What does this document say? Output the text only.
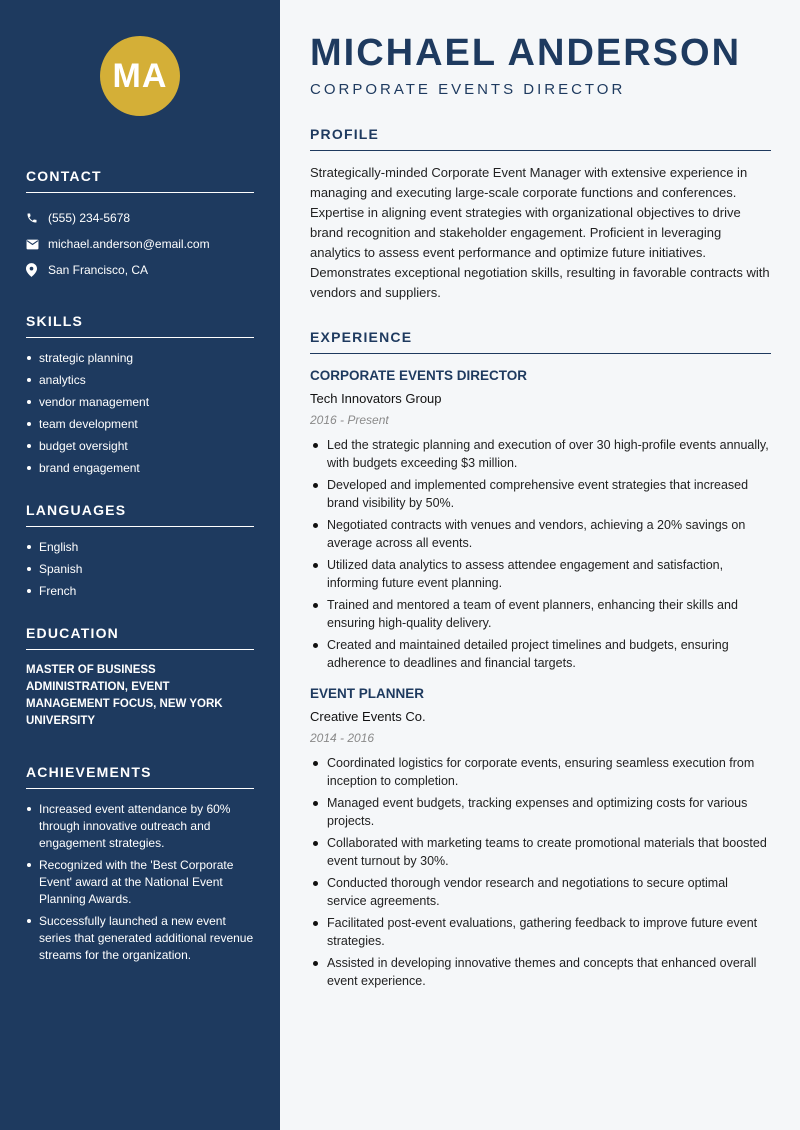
MA
CONTACT
(555) 234-5678
michael.anderson@email.com
San Francisco, CA
SKILLS
strategic planning
analytics
vendor management
team development
budget oversight
brand engagement
LANGUAGES
English
Spanish
French
EDUCATION

MASTER OF BUSINESS ADMINISTRATION, EVENT MANAGEMENT FOCUS, NEW YORK UNIVERSITY

ACHIEVEMENTS
Increased event attendance by 60% through innovative outreach and engagement strategies.
Recognized with the 'Best Corporate Event' award at the National Event Planning Awards.
Successfully launched a new event series that generated additional revenue streams for the organization.
MICHAEL ANDERSON
CORPORATE EVENTS DIRECTOR
PROFILE

Strategically-minded Corporate Event Manager with extensive experience in managing and executing large-scale corporate functions and conferences. Expertise in aligning event strategies with organizational objectives to drive brand recognition and stakeholder engagement. Proficient in leveraging analytics to assess event performance and optimize future initiatives. Demonstrates exceptional negotiation skills, resulting in favorable contracts with vendors and suppliers.

EXPERIENCE
CORPORATE EVENTS DIRECTOR
Tech Innovators Group
2016 - Present
Led the strategic planning and execution of over 30 high-profile events annually, with budgets exceeding $3 million.
Developed and implemented comprehensive event strategies that increased brand visibility by 50%.
Negotiated contracts with venues and vendors, achieving a 20% savings on average across all events.
Utilized data analytics to assess attendee engagement and satisfaction, informing future event planning.
Trained and mentored a team of event planners, enhancing their skills and ensuring high-quality delivery.
Created and maintained detailed project timelines and budgets, ensuring adherence to deadlines and financial targets.
EVENT PLANNER
Creative Events Co.
2014 - 2016
Coordinated logistics for corporate events, ensuring seamless execution from inception to completion.
Managed event budgets, tracking expenses and optimizing costs for various projects.
Collaborated with marketing teams to create promotional materials that boosted event turnout by 30%.
Conducted thorough vendor research and negotiations to secure optimal service agreements.
Facilitated post-event evaluations, gathering feedback to improve future event strategies.
Assisted in developing innovative themes and concepts that enhanced overall event experience.
